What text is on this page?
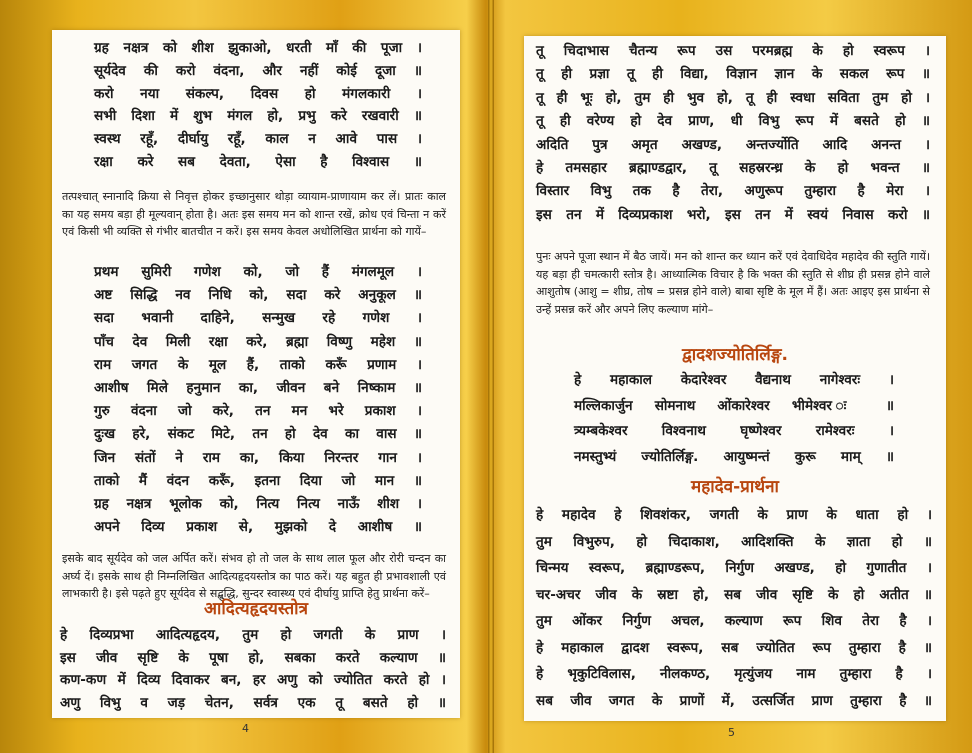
ग्रह नक्षत्र को शीश झुकाओ, धरती माँ की पूजा ।
सूर्यदेव की करो वंदना, और नहीं कोई दूजा ॥
करो नया संकल्प, दिवस हो मंगलकारी ।
सभी दिशा में शुभ मंगल हो, प्रभु करे रखवारी ॥
स्वस्थ रहूँ, दीर्घायु रहूँ, काल न आवे पास ।
रक्षा करे सब देवता, ऐसा है विश्वास ॥

तत्पश्चात् स्नानादि क्रिया से निवृत्त होकर इच्छानुसार थोड़ा व्यायाम-प्राणायाम कर लें। प्रातः काल का यह समय बड़ा ही मूल्यवान् होता है। अतः इस समय मन को शान्त रखें, क्रोध एवं चिन्ता न करें एवं किसी भी व्यक्ति से गंभीर बातचीत न करें। इस समय केवल अधोलिखित प्रार्थना को गायें–

प्रथम सुमिरी गणेश को, जो हैं मंगलमूल ।
अष्ट सिद्धि नव निधि को, सदा करे अनुकूल ॥
सदा भवानी दाहिने, सन्मुख रहे गणेश ।
पाँच देव मिली रक्षा करे, ब्रह्मा विष्णु महेश ॥
राम जगत के मूल हैं, ताको करूँ प्रणाम ।
आशीष मिले हनुमान का, जीवन बने निष्काम ॥
गुरु वंदना जो करे, तन मन भरे प्रकाश ।
दुःख हरे, संकट मिटे, तन हो देव का वास ॥
जिन संतों ने राम का, किया निरन्तर गान ।
ताको मैं वंदन करूँ, इतना दिया जो मान ॥
ग्रह नक्षत्र भूलोक को, नित्य नित्य नाऊँ शीश ।
अपने दिव्य प्रकाश से, मुझको दे आशीष ॥

इसके बाद सूर्यदेव को जल अर्पित करें। संभव हो तो जल के साथ लाल फूल और रोरी चन्दन का अर्घ्य दें। इसके साथ ही निम्नलिखित आदित्यहृदयस्तोत्र का पाठ करें। यह बहुत ही प्रभावशाली एवं लाभकारी है। इसे पढ़ते हुए सूर्यदेव से सद्बुद्धि, सुन्दर स्वास्थ्य एवं दीर्घायु प्राप्ति हेतु प्रार्थना करें–

आदित्यहृदयस्तोत्र
हे दिव्यप्रभा आदित्यहृदय, तुम हो जगती के प्राण ।
इस जीव सृष्टि के पूषा हो, सबका करते कल्याण ॥
कण-कण में दिव्य दिवाकर बन, हर अणु को ज्योतित करते हो ।
अणु विभु व जड़ चेतन, सर्वत्र एक तू बसते हो ॥
4
तू चिदाभास चैतन्य रूप उस परमब्रह्म के हो स्वरूप ।
तू ही प्रज्ञा तू ही विद्या, विज्ञान ज्ञान के सकल रूप ॥
तू ही भूः हो, तुम ही भुव हो, तू ही स्वधा सविता तुम हो ।
तू ही वरेण्य हो देव प्राण, धी विभु रूप में बसते हो ॥
अदिति पुत्र अमृत अखण्ड, अन्तर्ज्योति आदि अनन्त ।
हे तमसहार ब्रह्माण्डद्वार, तू सहस्ररन्ध्र के हो भवन्त ॥
विस्तार विभु तक है तेरा, अणुरूप तुम्हारा है मेरा ।
इस तन में दिव्यप्रकाश भरो, इस तन में स्वयं निवास करो ॥

पुनः अपने पूजा स्थान में बैठ जायें। मन को शान्त कर ध्यान करें एवं देवाधिदेव महादेव की स्तुति गायें। यह बड़ा ही चमत्कारी स्तोत्र है। आध्यात्मिक विचार है कि भक्त की स्तुति से शीघ्र ही प्रसन्न होने वाले आशुतोष (आशु = शीघ्र, तोष = प्रसन्न होने वाले) बाबा सृष्टि के मूल में हैं। अतः आइए इस प्रार्थना से उन्हें प्रसन्न करें और अपने लिए कल्याण मांगे–

द्वादशज्योतिर्लिङ्ग.
हे महाकाल केदारेश्वर वैद्यनाथ नागेश्वरः ।
मल्लिकार्जुन सोमनाथ ओंकारेश्वर भीमेश्वर ः ॥
त्र्यम्बकेश्वर विश्वनाथ घृष्णेश्वर रामेश्वरः ।
नमस्तुभ्यं ज्योतिर्लिङ्ग. आयुष्मन्तं कुरू माम् ॥
महादेव-प्रार्थना
हे महादेव हे शिवशंकर, जगती के प्राण के धाता हो ।
तुम विभुरुप, हो चिदाकाश, आदिशक्ति के ज्ञाता हो ॥
चिन्मय स्वरूप, ब्रह्माण्डरूप, निर्गुण अखण्ड, हो गुणातीत ।
चर-अचर जीव के स्रष्टा हो, सब जीव सृष्टि के हो अतीत ॥
तुम ओंकर निर्गुण अचल, कल्याण रूप शिव तेरा है ।
हे महाकाल द्वादश स्वरूप, सब ज्योतित रूप तुम्हारा है ॥
हे भृकुटिविलास, नीलकण्ठ, मृत्युंजय नाम तुम्हारा है ।
सब जीव जगत के प्राणों में, उत्सर्जित प्राण तुम्हारा है ॥
5
